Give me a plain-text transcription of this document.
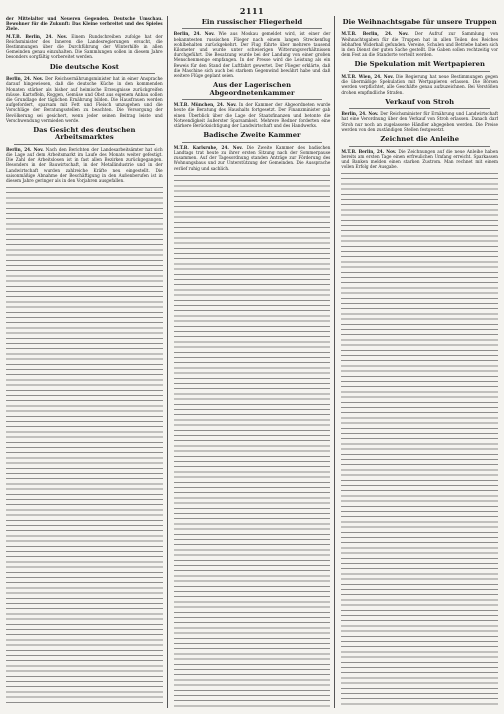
2111
der Mittelalter und Neueren Gegenden. Deutsche Umschau. Bewohner für die Zukunft: Das Kleine verbreitet und des Spieles Ziele.
M.T.B. Berlin, 24. Nov. Einem Rundschreiben zufolge hat der Reichsminister des Inneren die Landesregierungen ersucht, die Bestimmungen über die Durchführung der Winterhilfe in allen Gemeinden genau einzuhalten. Die Sammlungen sollen in diesem Jahre besonders sorgfältig vorbereitet werden.
Die deutsche Kost
Berlin, 24. Nov. Der Reichsernährungsminister hat in einer Ansprache darauf hingewiesen, daß die deutsche Küche in den kommenden Monaten stärker als bisher auf heimische Erzeugnisse zurückgreifen müsse. Kartoffeln, Roggen, Gemüse und Obst aus eigenem Anbau sollen die Grundlage der täglichen Ernährung bilden. Die Hausfrauen werden aufgefordert, sparsam mit Fett und Fleisch umzugehen und die Vorschläge der Beratungsstellen zu beachten. Die Versorgung der Bevölkerung sei gesichert, wenn jeder seinen Beitrag leiste und Verschwendung vermieden werde.
Das Gesicht des deutschen Arbeitsmarktes
Berlin, 24. Nov. Nach den Berichten der Landesarbeitsämter hat sich die Lage auf dem Arbeitsmarkt im Laufe des Monats weiter gefestigt. Die Zahl der Arbeitslosen ist in fast allen Bezirken zurückgegangen. Besonders in der Bauwirtschaft, in der Metallindustrie und in der Landwirtschaft wurden zahlreiche Kräfte neu eingestellt. Die saisonmäßige Abnahme der Beschäftigung in den Außenberufen ist in diesem Jahre geringer als in den Vorjahren ausgefallen.
Ein russischer Fliegerheld
Berlin, 24. Nov. Wie aus Moskau gemeldet wird, ist einer der bekanntesten russischen Flieger nach einem langen Streckenflug wohlbehalten zurückgekehrt. Der Flug führte über mehrere tausend Kilometer und wurde unter schwierigen Witterungsverhältnissen durchgeführt. Die Besatzung wurde bei der Landung von einer großen Menschenmenge empfangen. In der Presse wird die Leistung als ein Beweis für den Stand der Luftfahrt gewertet. Der Flieger erklärte, daß die Maschine sich auch bei starkem Gegenwind bewährt habe und daß weitere Flüge geplant seien.
Aus der Lagerischen Abgeordnetenkammer
M.T.B. München, 24. Nov. In der Kammer der Abgeordneten wurde heute die Beratung des Haushalts fortgesetzt. Der Finanzminister gab einen Überblick über die Lage der Staatsfinanzen und betonte die Notwendigkeit äußerster Sparsamkeit. Mehrere Redner forderten eine stärkere Berücksichtigung der Landwirtschaft und des Handwerks.
Badische Zweite Kammer
M.T.B. Karlsruhe, 24. Nov. Die Zweite Kammer des badischen Landtags trat heute zu ihrer ersten Sitzung nach der Sommerpause zusammen. Auf der Tagesordnung standen Anträge zur Förderung des Wohnungsbaus und zur Unterstützung der Gemeinden. Die Aussprache verlief ruhig und sachlich.
Die Weihnachtsgabe für unsere Truppen
M.T.B. Berlin, 24. Nov. Der Aufruf zur Sammlung von Weihnachtsgaben für die Truppen hat in allen Teilen des Reiches lebhaften Widerhall gefunden. Vereine, Schulen und Betriebe haben sich in den Dienst der guten Sache gestellt. Die Gaben sollen rechtzeitig vor dem Fest an die Standorte verteilt werden.
Die Spekulation mit Wertpapieren
M.T.B. Wien, 24. Nov. Die Regierung hat neue Bestimmungen gegen die übermäßige Spekulation mit Wertpapieren erlassen. Die Börsen werden verpflichtet, alle Geschäfte genau aufzuzeichnen. Bei Verstößen drohen empfindliche Strafen.
Verkauf von Stroh
Berlin, 24. Nov. Der Reichsminister für Ernährung und Landwirtschaft hat eine Verordnung über den Verkauf von Stroh erlassen. Danach darf Stroh nur noch an zugelassene Händler abgegeben werden. Die Preise werden von den zuständigen Stellen festgesetzt.
Zeichnet die Anleihe
M.T.B. Berlin, 24. Nov. Die Zeichnungen auf die neue Anleihe haben bereits am ersten Tage einen erfreulichen Umfang erreicht. Sparkassen und Banken melden einen starken Zustrom. Man rechnet mit einem vollen Erfolg der Ausgabe.
